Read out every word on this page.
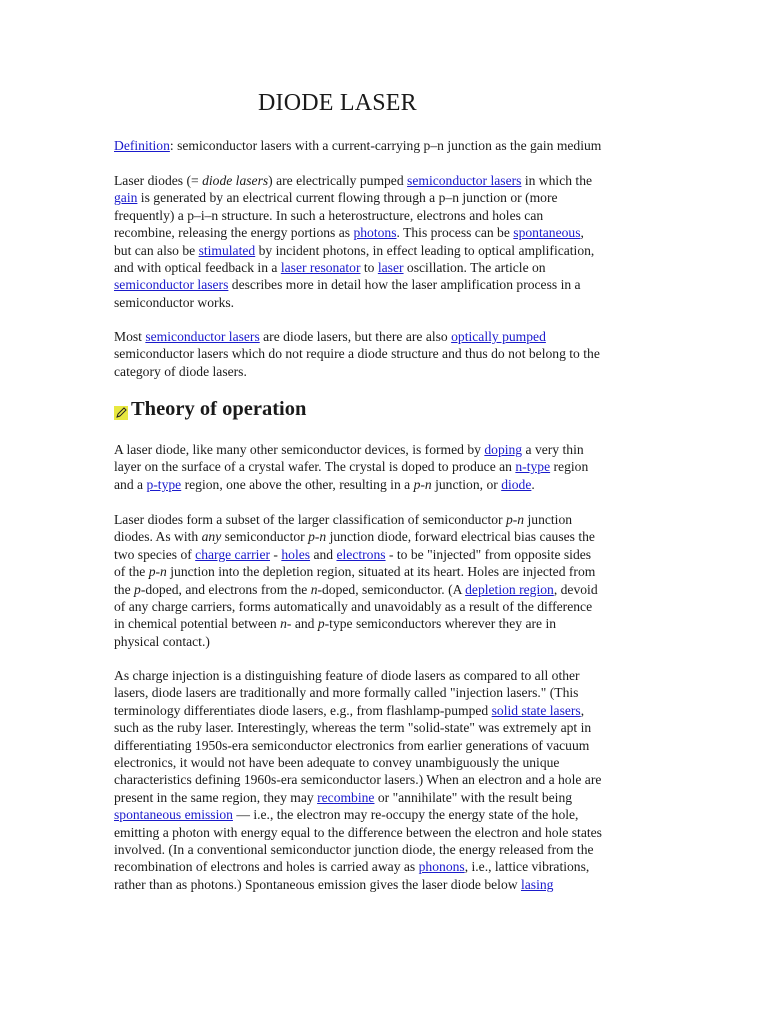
DIODE LASER

Definition: semiconductor lasers with a current-carrying p–n junction as the gain medium

Laser diodes (= diode lasers) are electrically pumped semiconductor lasers in which the
gain is generated by an electrical current flowing through a p–n junction or (more
frequently) a p–i–n structure. In such a heterostructure, electrons and holes can
recombine, releasing the energy portions as photons. This process can be spontaneous,
but can also be stimulated by incident photons, in effect leading to optical amplification,
and with optical feedback in a laser resonator to laser oscillation. The article on
semiconductor lasers describes more in detail how the laser amplification process in a
semiconductor works.

Most semiconductor lasers are diode lasers, but there are also optically pumped
semiconductor lasers which do not require a diode structure and thus do not belong to the
category of diode lasers.

Theory of operation

A laser diode, like many other semiconductor devices, is formed by doping a very thin
layer on the surface of a crystal wafer. The crystal is doped to produce an n-type region
and a p-type region, one above the other, resulting in a p-n junction, or diode.

Laser diodes form a subset of the larger classification of semiconductor p-n junction
diodes. As with any semiconductor p-n junction diode, forward electrical bias causes the
two species of charge carrier - holes and electrons - to be "injected" from opposite sides
of the p-n junction into the depletion region, situated at its heart. Holes are injected from
the p-doped, and electrons from the n-doped, semiconductor. (A depletion region, devoid
of any charge carriers, forms automatically and unavoidably as a result of the difference
in chemical potential between n- and p-type semiconductors wherever they are in
physical contact.)

As charge injection is a distinguishing feature of diode lasers as compared to all other
lasers, diode lasers are traditionally and more formally called "injection lasers." (This
terminology differentiates diode lasers, e.g., from flashlamp-pumped solid state lasers,
such as the ruby laser. Interestingly, whereas the term "solid-state" was extremely apt in
differentiating 1950s-era semiconductor electronics from earlier generations of vacuum
electronics, it would not have been adequate to convey unambiguously the unique
characteristics defining 1960s-era semiconductor lasers.) When an electron and a hole are
present in the same region, they may recombine or "annihilate" with the result being
spontaneous emission — i.e., the electron may re-occupy the energy state of the hole,
emitting a photon with energy equal to the difference between the electron and hole states
involved. (In a conventional semiconductor junction diode, the energy released from the
recombination of electrons and holes is carried away as phonons, i.e., lattice vibrations,
rather than as photons.) Spontaneous emission gives the laser diode below lasing
